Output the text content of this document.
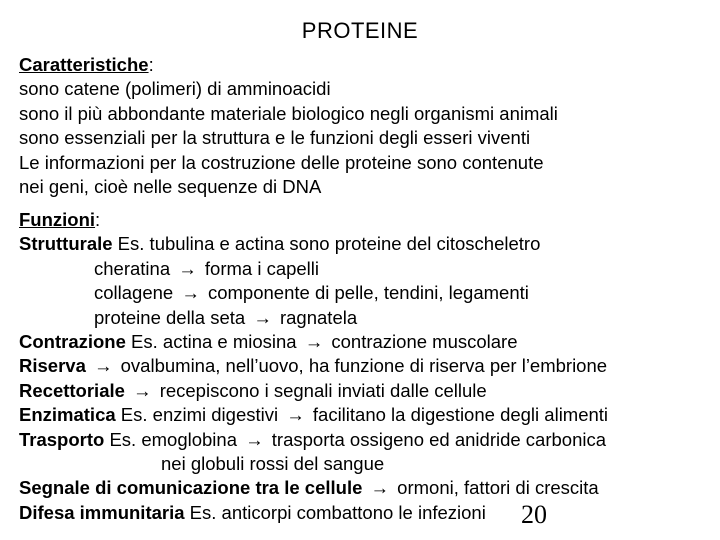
PROTEINE
Caratteristiche:
sono catene (polimeri) di amminoacidi
sono il più abbondante materiale biologico negli organismi animali
sono essenziali per la struttura e le funzioni degli esseri viventi
Le informazioni per la costruzione delle proteine sono contenute
nei geni, cioè nelle sequenze di DNA
Funzioni:
Strutturale Es. tubulina e actina sono proteine del citoscheletro
cheratina → forma i capelli
collagene → componente di pelle, tendini, legamenti
proteine della seta → ragnatela
Contrazione Es. actina e miosina → contrazione muscolare
Riserva → ovalbumina, nell’uovo, ha funzione di riserva per l’embrione
Recettoriale → recepiscono i segnali inviati dalle cellule
Enzimatica Es. enzimi digestivi → facilitano la digestione degli alimenti
Trasporto Es. emoglobina → trasporta ossigeno ed anidride carbonica
nei globuli rossi del sangue
Segnale di comunicazione tra le cellule → ormoni, fattori di crescita
Difesa immunitaria Es. anticorpi combattono le infezioni	20
